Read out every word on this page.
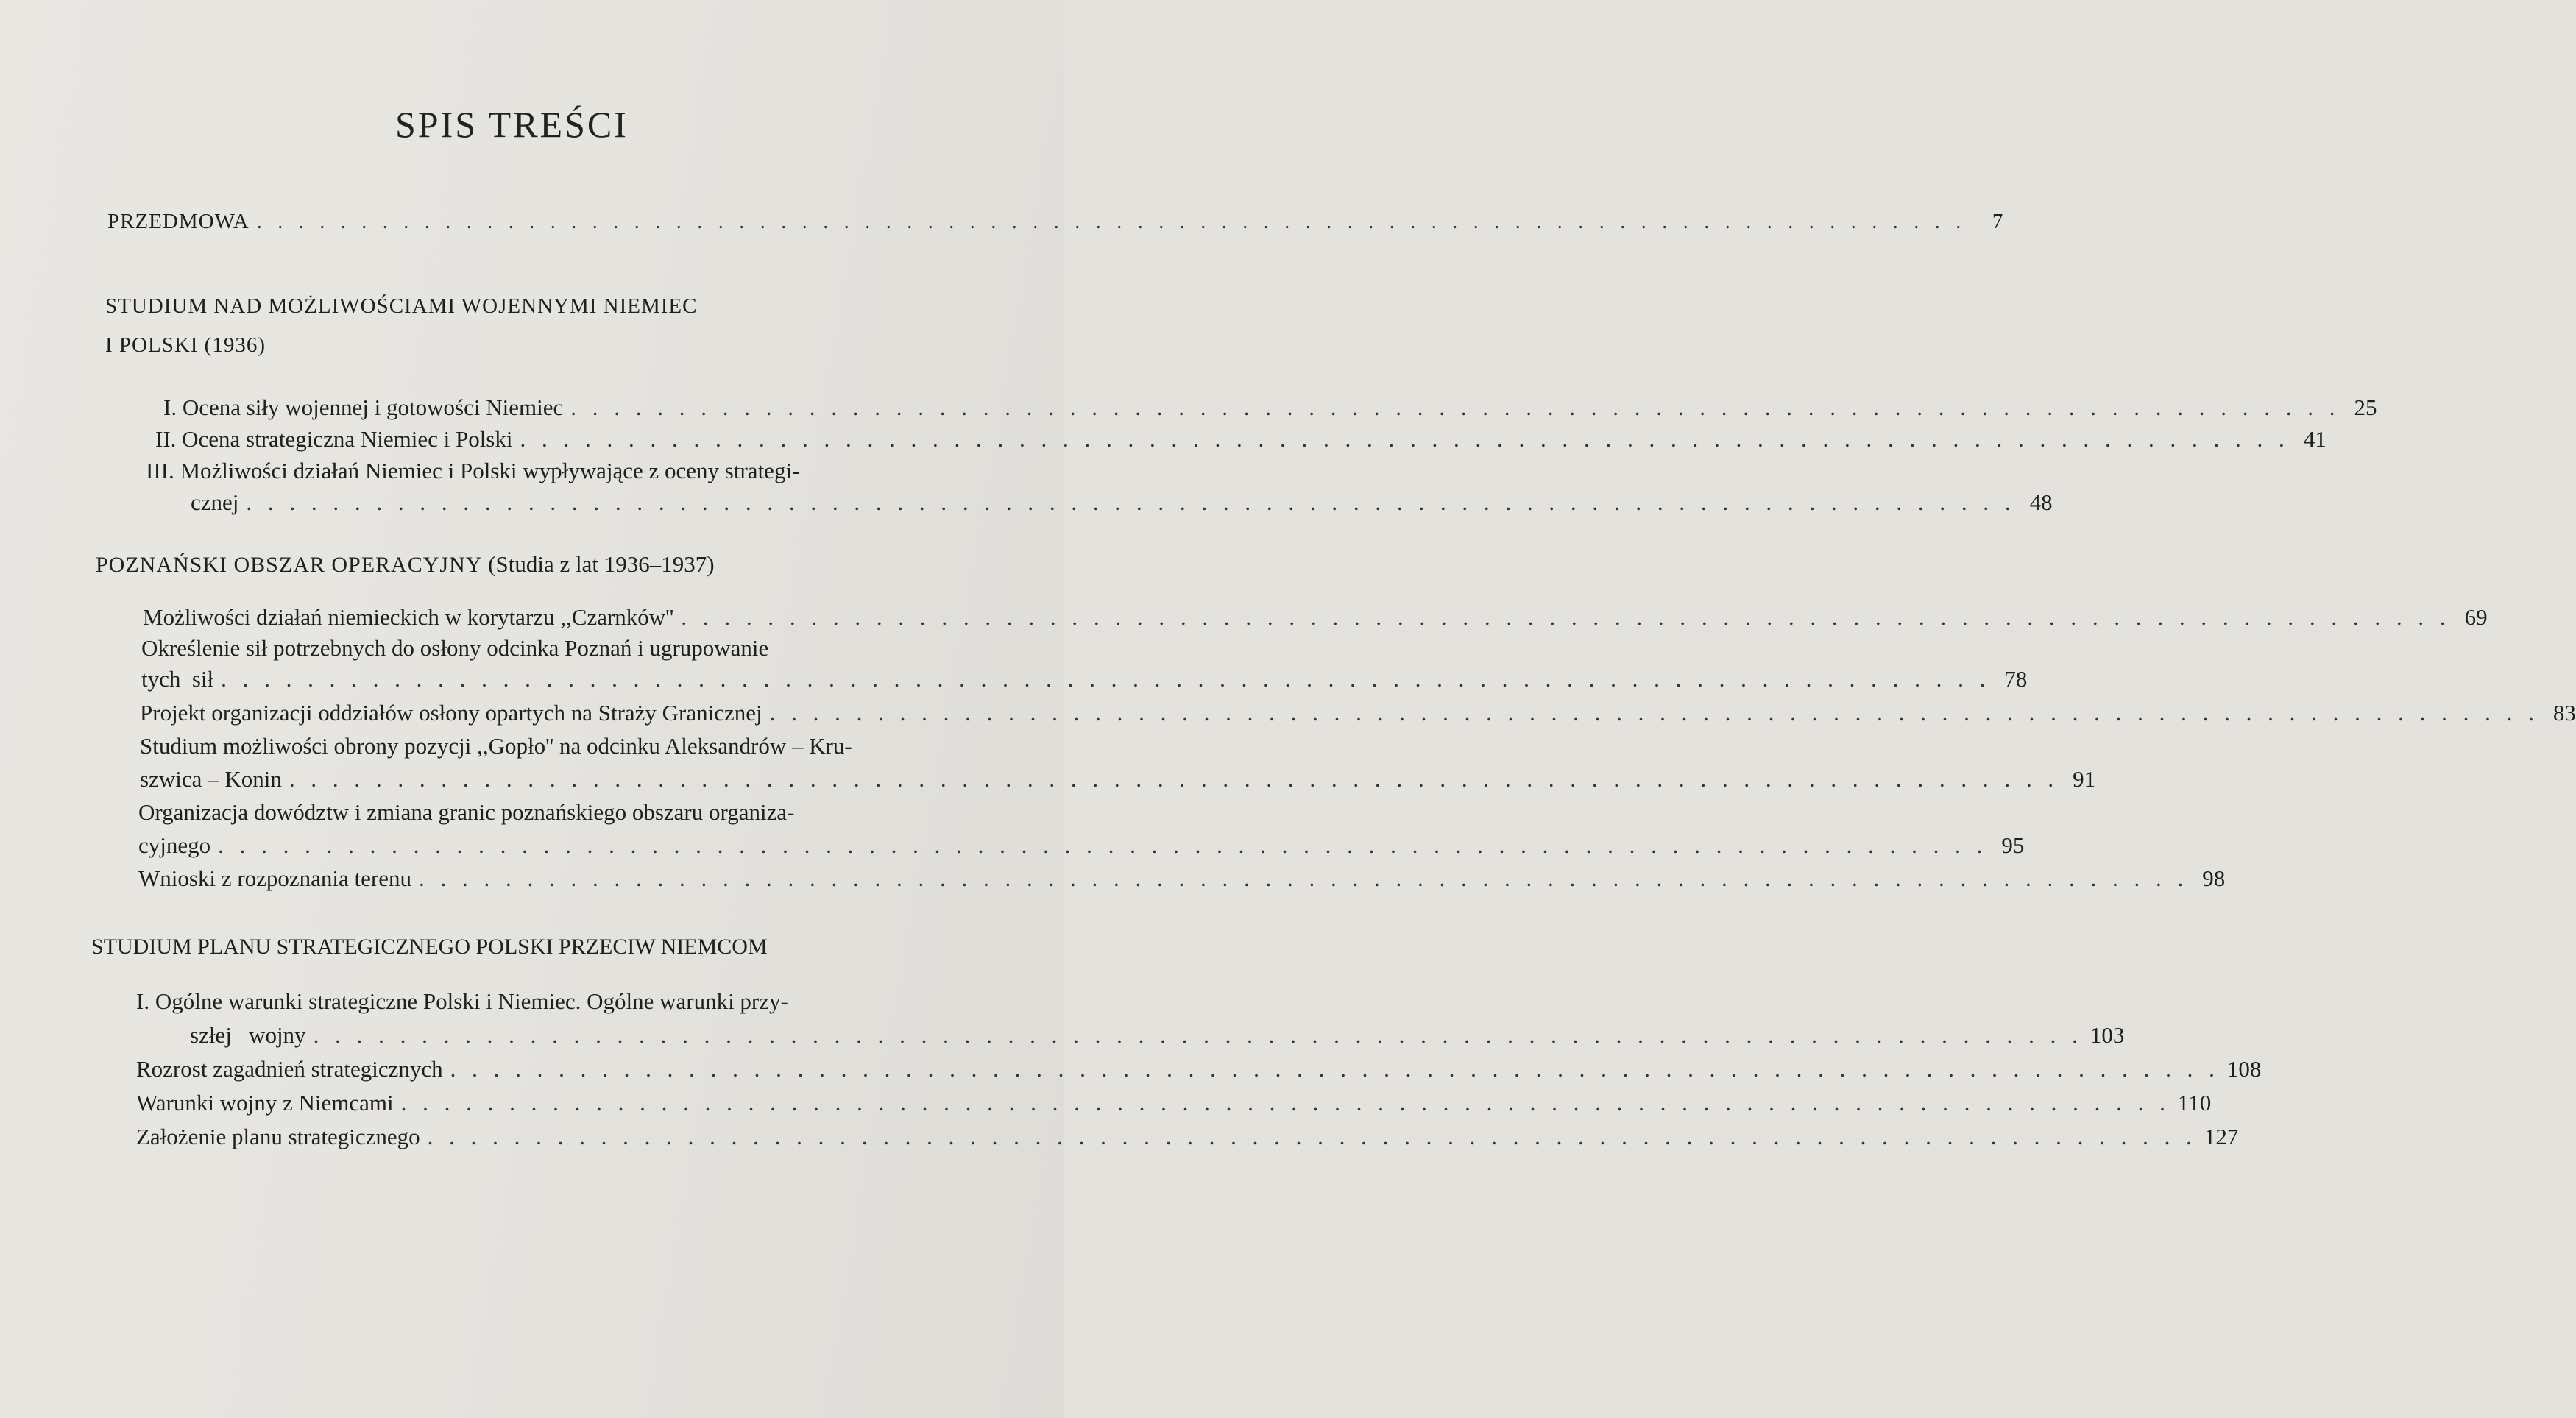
SPIS TREŚCI
PRZEDMOWA . . . . . . . . . . . . . . . . . . . . . . . . . . . . . . . . . . . . . . . . . . . . . . . . . . . . . . . . . . . . . . . . . . . . . . . . . . . . . . . . . .	7
STUDIUM NAD MOŻLIWOŚCIAMI WOJENNYMI NIEMIEC
I POLSKI (1936)
I. Ocena siły wojennej i gotowości Niemiec . . . . . . . . . . . . . . . . . . . . . . . . . . . . . . . . . . . . . . . . . . . . . . . . . . . . . . . . . . . . . . . . . . . . . . . . . . . . . . . . . . 25
II. Ocena strategiczna Niemiec i Polski . . . . . . . . . . . . . . . . . . . . . . . . . . . . . . . . . . . . . . . . . . . . . . . . . . . . . . . . . . . . . . . . . . . . . . . . . . . . . . . . . . 41
III. Możliwości działań Niemiec i Polski wypływające z oceny strategi-
cznej . . . . . . . . . . . . . . . . . . . . . . . . . . . . . . . . . . . . . . . . . . . . . . . . . . . . . . . . . . . . . . . . . . . . . . . . . . . . . . . . . . 48
POZNAŃSKI OBSZAR OPERACYJNY (Studia z lat 1936–1937)
Możliwości działań niemieckich w korytarzu ,,Czarnków'' . . . . . . . . . . . . . . . . . . . . . . . . . . . . . . . . . . . . . . . . . . . . . . . . . . . . . . . . . . . . . . . . . . . . . . . . . . . . . . . . . . 69
Określenie sił potrzebnych do osłony odcinka Poznań i ugrupowanie
tych  sił . . . . . . . . . . . . . . . . . . . . . . . . . . . . . . . . . . . . . . . . . . . . . . . . . . . . . . . . . . . . . . . . . . . . . . . . . . . . . . . . . . 78
Projekt organizacji oddziałów osłony opartych na Straży Granicznej . . . . . . . . . . . . . . . . . . . . . . . . . . . . . . . . . . . . . . . . . . . . . . . . . . . . . . . . . . . . . . . . . . . . . . . . . . . . . . . . . . 83
Studium możliwości obrony pozycji ,,Gopło'' na odcinku Aleksandrów – Kru-
szwica – Konin . . . . . . . . . . . . . . . . . . . . . . . . . . . . . . . . . . . . . . . . . . . . . . . . . . . . . . . . . . . . . . . . . . . . . . . . . . . . . . . . . . 91
Organizacja dowództw i zmiana granic poznańskiego obszaru organiza-
cyjnego . . . . . . . . . . . . . . . . . . . . . . . . . . . . . . . . . . . . . . . . . . . . . . . . . . . . . . . . . . . . . . . . . . . . . . . . . . . . . . . . . . 95
Wnioski z rozpoznania terenu . . . . . . . . . . . . . . . . . . . . . . . . . . . . . . . . . . . . . . . . . . . . . . . . . . . . . . . . . . . . . . . . . . . . . . . . . . . . . . . . . . 98
STUDIUM PLANU STRATEGICZNEGO POLSKI PRZECIW NIEMCOM
I. Ogólne warunki strategiczne Polski i Niemiec. Ogólne warunki przy-
szłej   wojny . . . . . . . . . . . . . . . . . . . . . . . . . . . . . . . . . . . . . . . . . . . . . . . . . . . . . . . . . . . . . . . . . . . . . . . . . . . . . . . . . . 103
Rozrost zagadnień strategicznych . . . . . . . . . . . . . . . . . . . . . . . . . . . . . . . . . . . . . . . . . . . . . . . . . . . . . . . . . . . . . . . . . . . . . . . . . . . . . . . . . . 108
Warunki wojny z Niemcami . . . . . . . . . . . . . . . . . . . . . . . . . . . . . . . . . . . . . . . . . . . . . . . . . . . . . . . . . . . . . . . . . . . . . . . . . . . . . . . . . . 110
Założenie planu strategicznego . . . . . . . . . . . . . . . . . . . . . . . . . . . . . . . . . . . . . . . . . . . . . . . . . . . . . . . . . . . . . . . . . . . . . . . . . . . . . . . . . . 127
